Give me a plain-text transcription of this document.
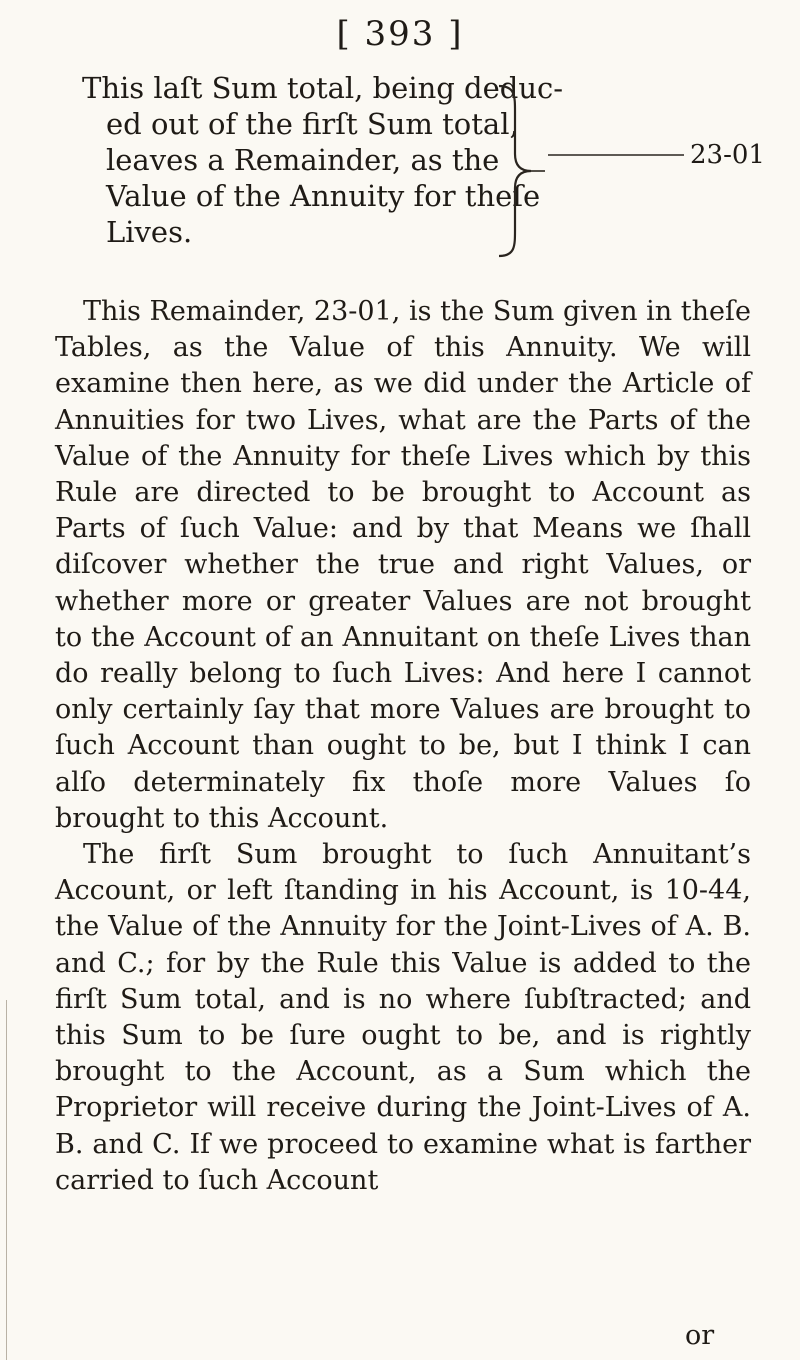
[ 393 ]
This laſt Sum total, being deduc-
ed out of the firſt Sum total,
leaves a Remainder, as the
Value of the Annuity for theſe
Lives.
23-01

This Remainder, 23-01, is the Sum given in theſe Tables, as the Value of this Annuity. We will examine then here, as we did under the Article of Annuities for two Lives, what are the Parts of the Value of the Annuity for theſe Lives which by this Rule are directed to be brought to Account as Parts of ſuch Value: and by that Means we ſhall diſcover whether the true and right Values, or whether more or greater Values are not brought to the Account of an Annuitant on theſe Lives than do really belong to ſuch Lives: And here I cannot only certainly ſay that more Values are brought to ſuch Account than ought to be, but I think I can alſo determinately fix thoſe more Values ſo brought to this Account.

The firſt Sum brought to ſuch Annuitant’s Account, or left ſtanding in his Account, is 10-44, the Value of the Annuity for the Joint-Lives of A. B. and C.; for by the Rule this Value is added to the firſt Sum total, and is no where ſubſtracted; and this Sum to be ſure ought to be, and is rightly brought to the Account, as a Sum which the Proprietor will receive during the Joint-Lives of A. B. and C. If we proceed to examine what is farther carried to ſuch Account

or
